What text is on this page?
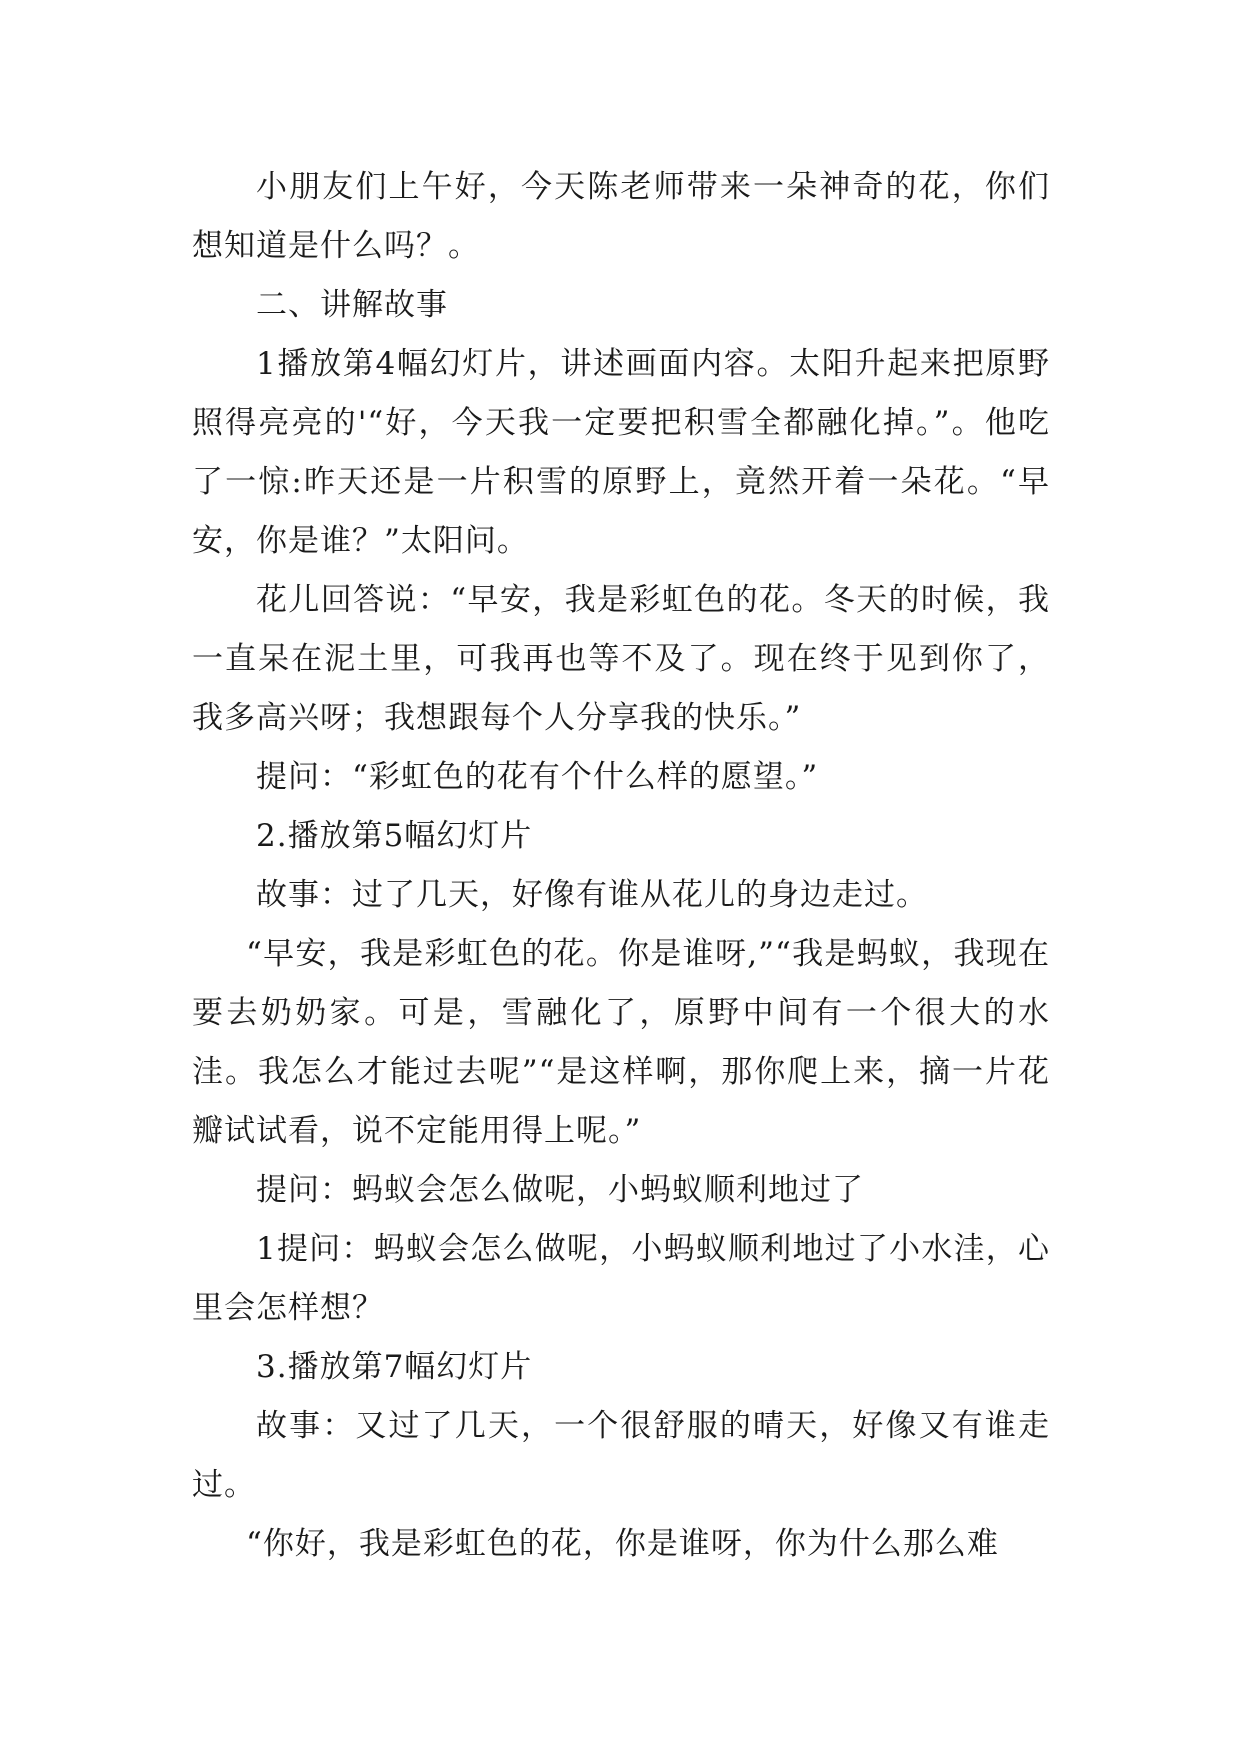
小朋友们上午好，今天陈老师带来一朵神奇的花，你们想知道是什么吗？。

二、讲解故事

1播放第4幅幻灯片，讲述画面内容。太阳升起来把原野照得亮亮的'“好，今天我一定要把积雪全都融化掉。”。他吃了一惊:昨天还是一片积雪的原野上，竟然开着一朵花。“早安，你是谁？”太阳问。

花儿回答说：“早安，我是彩虹色的花。冬天的时候，我一直呆在泥土里，可我再也等不及了。现在终于见到你了，我多高兴呀；我想跟每个人分享我的快乐。”

提问：“彩虹色的花有个什么样的愿望。”

2.播放第5幅幻灯片

故事：过了几天，好像有谁从花儿的身边走过。

“早安，我是彩虹色的花。你是谁呀,”“我是蚂蚁，我现在要去奶奶家。可是，雪融化了，原野中间有一个很大的水洼。我怎么才能过去呢”“是这样啊，那你爬上来，摘一片花瓣试试看，说不定能用得上呢。”

提问：蚂蚁会怎么做呢，小蚂蚁顺利地过了

1提问：蚂蚁会怎么做呢，小蚂蚁顺利地过了小水洼，心里会怎样想？

3.播放第7幅幻灯片

故事：又过了几天，一个很舒服的晴天，好像又有谁走过。

“你好，我是彩虹色的花，你是谁呀，你为什么那么难
